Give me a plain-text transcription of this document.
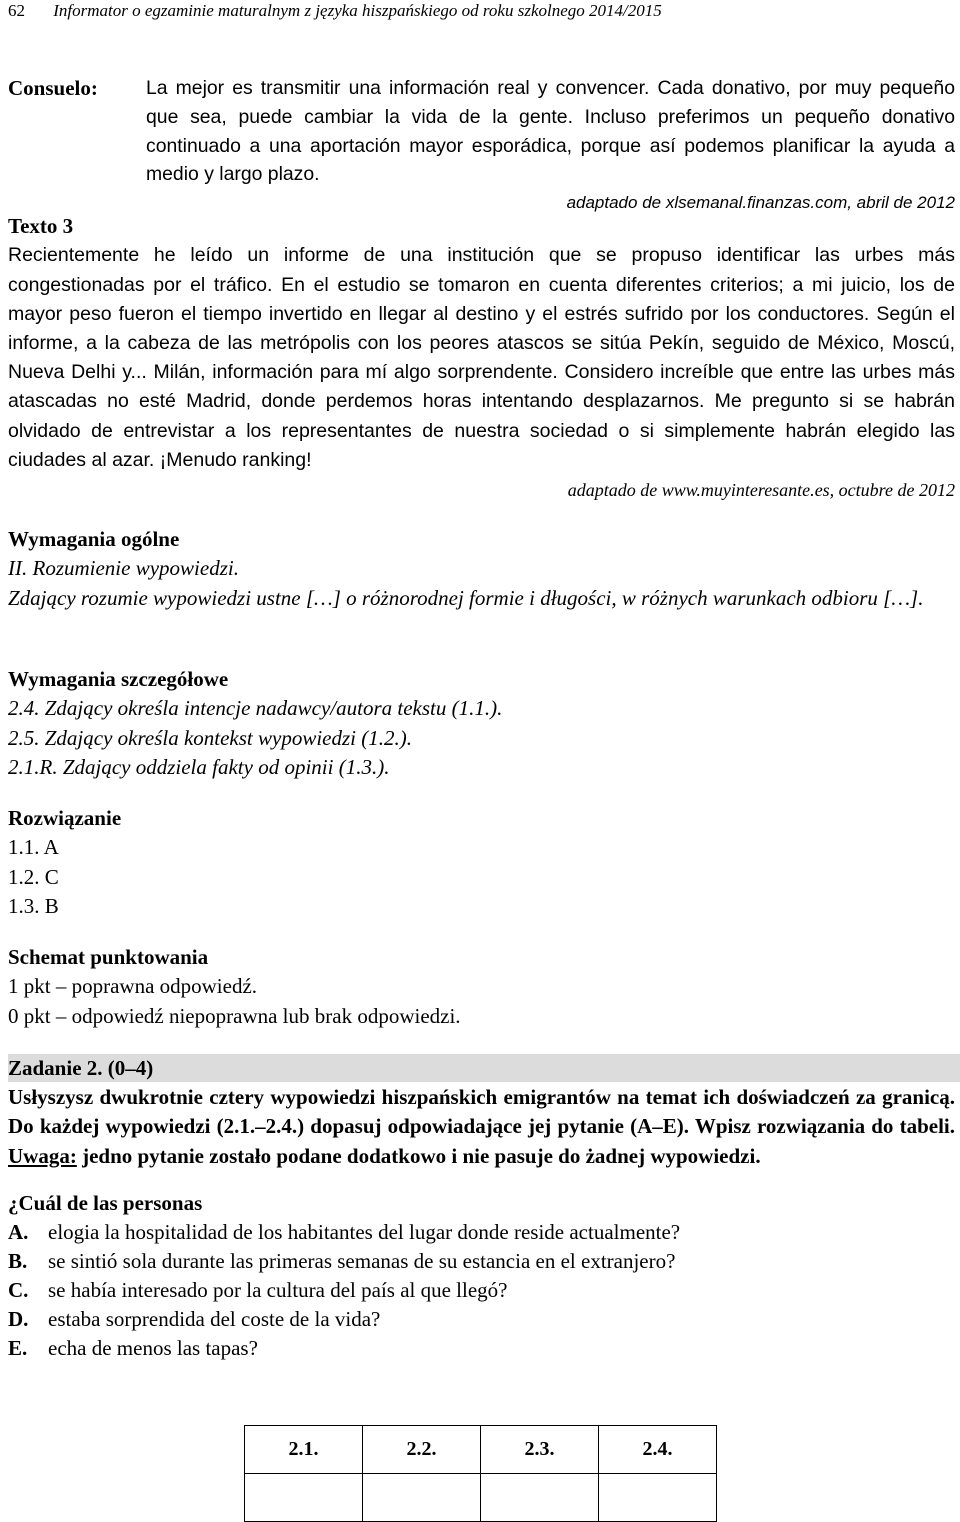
62 Informator o egzaminie maturalnym z języka hiszpańskiego od roku szkolnego 2014/2015
Consuelo: La mejor es transmitir una información real y convencer. Cada donativo, por muy pequeño que sea, puede cambiar la vida de la gente. Incluso preferimos un pequeño donativo continuado a una aportación mayor esporádica, porque así podemos planificar la ayuda a medio y largo plazo.
adaptado de xlsemanal.finanzas.com, abril de 2012
Texto 3
Recientemente he leído un informe de una institución que se propuso identificar las urbes más congestionadas por el tráfico. En el estudio se tomaron en cuenta diferentes criterios; a mi juicio, los de mayor peso fueron el tiempo invertido en llegar al destino y el estrés sufrido por los conductores. Según el informe, a la cabeza de las metrópolis con los peores atascos se sitúa Pekín, seguido de México, Moscú, Nueva Delhi y... Milán, información para mí algo sorprendente. Considero increíble que entre las urbes más atascadas no esté Madrid, donde perdemos horas intentando desplazarnos. Me pregunto si se habrán olvidado de entrevistar a los representantes de nuestra sociedad o si simplemente habrán elegido las ciudades al azar. ¡Menudo ranking!
adaptado de www.muyinteresante.es, octubre de 2012
Wymagania ogólne
II. Rozumienie wypowiedzi.
Zdający rozumie wypowiedzi ustne […] o różnorodnej formie i długości, w różnych warunkach odbioru […].
Wymagania szczegółowe
2.4. Zdający określa intencje nadawcy/autora tekstu (1.1.).
2.5. Zdający określa kontekst wypowiedzi (1.2.).
2.1.R. Zdający oddziela fakty od opinii (1.3.).
Rozwiązanie
1.1. A
1.2. C
1.3. B
Schemat punktowania
1 pkt – poprawna odpowiedź.
0 pkt – odpowiedź niepoprawna lub brak odpowiedzi.
Zadanie 2. (0–4)
Usłyszysz dwukrotnie cztery wypowiedzi hiszpańskich emigrantów na temat ich doświadczeń za granicą. Do każdej wypowiedzi (2.1.–2.4.) dopasuj odpowiadające jej pytanie (A–E). Wpisz rozwiązania do tabeli. Uwaga: jedno pytanie zostało podane dodatkowo i nie pasuje do żadnej wypowiedzi.
¿Cuál de las personas
A. elogia la hospitalidad de los habitantes del lugar donde reside actualmente?
B. se sintió sola durante las primeras semanas de su estancia en el extranjero?
C. se había interesado por la cultura del país al que llegó?
D. estaba sorprendida del coste de la vida?
E. echa de menos las tapas?
2.1.	2.2.	2.3.	2.4.
